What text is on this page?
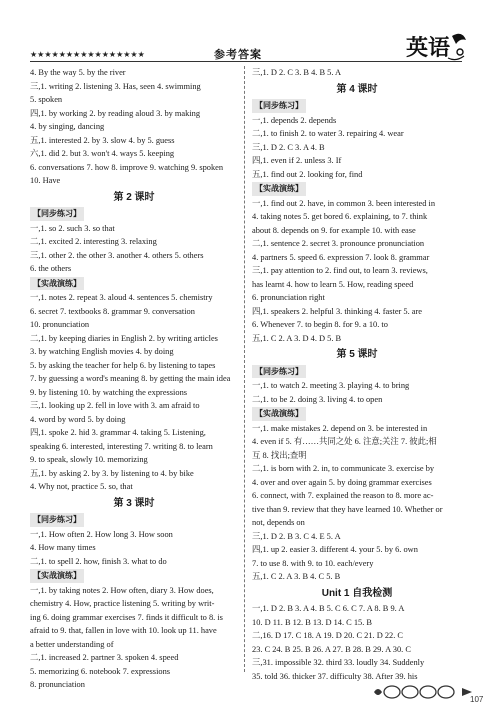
★★★★★★★★★★★★★★★★	参考答案	英语
4. By the way 5. by the river
三,1. writing 2. listening 3. Has, seen 4. swimming
5. spoken
四,1. by working 2. by reading aloud 3. by making
4. by singing, dancing
五,1. interested 2. by 3. slow 4. by 5. guess
六,1. did 2. but 3. won't 4. ways 5. keeping
6. conversations 7. how 8. improve 9. watching 9. spoken
10. Have
第 2 课时
【同步练习】
一,1. so 2. such 3. so that
二,1. excited 2. interesting 3. relaxing
三,1. other 2. the other 3. another 4. others 5. others
6. the others
【实战演练】
一,1. notes 2. repeat 3. aloud 4. sentences 5. chemistry
6. secret 7. textbooks 8. grammar 9. conversation
10. pronunciation
二,1. by keeping diaries in English 2. by writing articles
3. by watching English movies 4. by doing
5. by asking the teacher for help 6. by listening to tapes
7. by guessing a word's meaning 8. by getting the main idea
9. by listening 10. by watching the expressions
三,1. looking up 2. fell in love with 3. am afraid to
4. word by word 5. by doing
四,1. spoke 2. hid 3. grammar 4. taking 5. Listening,
speaking 6. interested, interesting 7. writing 8. to learn
9. to speak, slowly 10. memorizing
五,1. by asking 2. by 3. by listening to 4. by bike
4. Why not, practice 5. so, that
第 3 课时
【同步练习】
一,1. How often 2. How long 3. How soon
4. How many times
二,1. to spell 2. how, finish 3. what to do
【实战演练】
一,1. by taking notes 2. How often, diary 3. How does,
chemistry 4. How, practice listening 5. writing by writ-
ing 6. doing grammar exercises 7. finds it difficult to 8. is
afraid to 9. that, fallen in love with 10. look up 11. have
a better understanding of
二,1. increased 2. partner 3. spoken 4. speed
5. memorizing 6. notebook 7. expressions
8. pronunciation
三,1. D 2. C 3. B 4. B 5. A
第 4 课时
【同步练习】
一,1. depends 2. depends
二,1. to finish 2. to water 3. repairing 4. wear
三,1. D 2. C 3. A 4. B
四,1. even if 2. unless 3. If
五,1. find out 2. looking for, find
【实战演练】
一,1. find out 2. have, in common 3. been interested in
4. taking notes 5. get bored 6. explaining, to 7. think
about 8. depends on 9. for example 10. with ease
二,1. sentence 2. secret 3. pronounce pronunciation
4. partners 5. speed 6. expression 7. look 8. grammar
三,1. pay attention to 2. find out, to learn 3. reviews,
has learnt 4. how to learn 5. How, reading speed
6. pronunciation right
四,1. speakers 2. helpful 3. thinking 4. faster 5. are
6. Whenever 7. to begin 8. for 9. a 10. to
五,1. C 2. A 3. D 4. D 5. B
第 5 课时
【同步练习】
一,1. to watch 2. meeting 3. playing 4. to bring
二,1. to be 2. doing 3. living 4. to open
【实战演练】
一,1. make mistakes 2. depend on 3. be interested in
4. even if 5. 有……共同之处 6. 注意;关注 7. 彼此;相
互 8. 找出;查明
二,1. is born with 2. in, to communicate 3. exercise by
4. over and over again 5. by doing grammar exercises
6. connect, with 7. explained the reason to 8. more ac-
tive than 9. review that they have learned 10. Whether or
not, depends on
三,1. D 2. B 3. C 4. E 5. A
四,1. up 2. easier 3. different 4. your 5. by 6. own
7. to use 8. with 9. to 10. each/every
五,1. C 2. A 3. B 4. C 5. B
Unit 1 自我检测
一,1. D 2. B 3. A 4. B 5. C 6. C 7. A 8. B 9. A
10. D 11. B 12. B 13. D 14. C 15. B
二,16. D 17. C 18. A 19. D 20. C 21. D 22. C
23. C 24. B 25. B 26. A 27. B 28. B 29. A 30. C
三,31. impossible 32. third 33. loudly 34. Suddenly
35. told 36. thicker 37. difficulty 38. After 39. his
107
